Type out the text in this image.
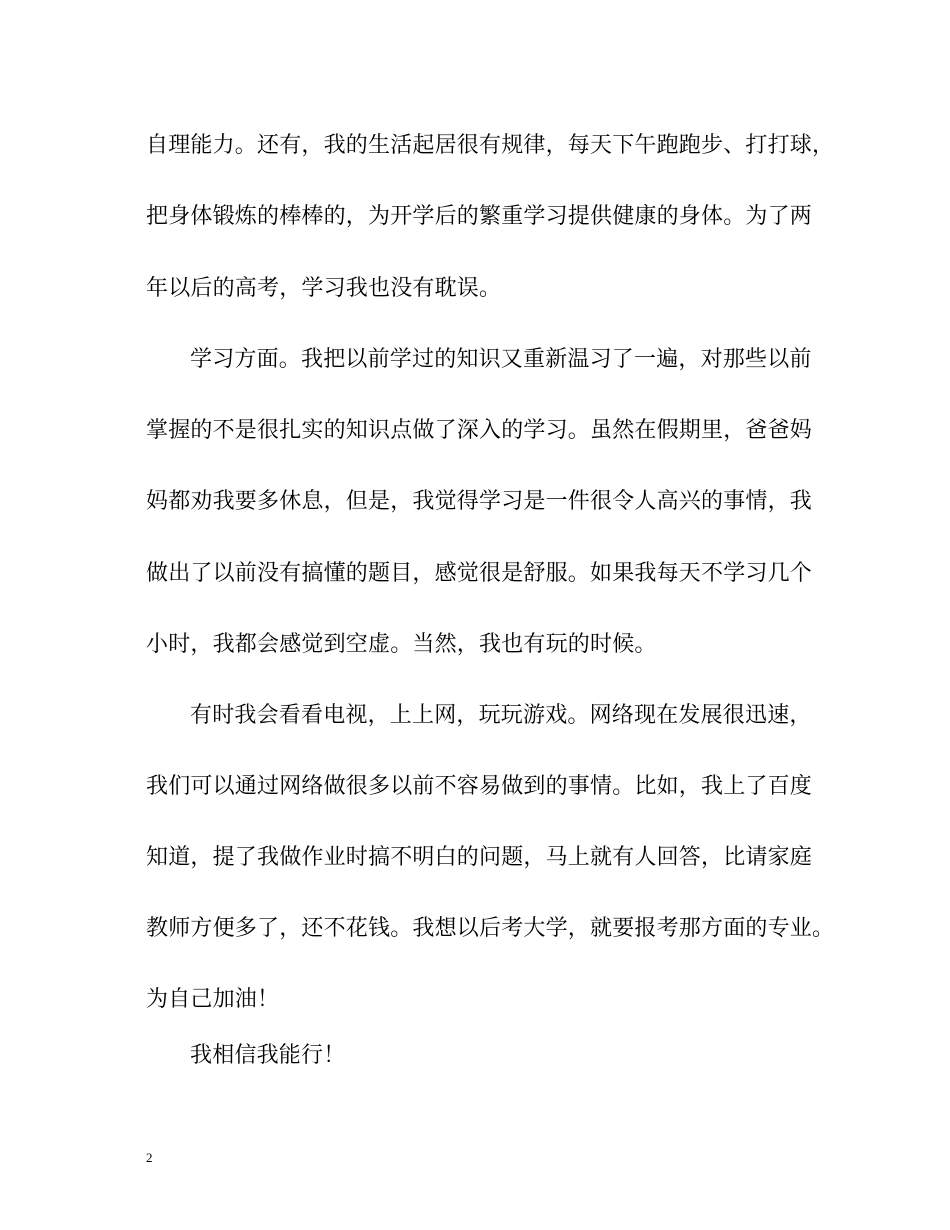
自理能力。还有，我的生活起居很有规律，每天下午跑跑步、打打球，
把身体锻炼的棒棒的，为开学后的繁重学习提供健康的身体。为了两
年以后的高考，学习我也没有耽误。
学习方面。我把以前学过的知识又重新温习了一遍，对那些以前
掌握的不是很扎实的知识点做了深入的学习。虽然在假期里，爸爸妈
妈都劝我要多休息，但是，我觉得学习是一件很令人高兴的事情，我
做出了以前没有搞懂的题目，感觉很是舒服。如果我每天不学习几个
小时，我都会感觉到空虚。当然，我也有玩的时候。
有时我会看看电视，上上网，玩玩游戏。网络现在发展很迅速，
我们可以通过网络做很多以前不容易做到的事情。比如，我上了百度
知道，提了我做作业时搞不明白的问题，马上就有人回答，比请家庭
教师方便多了，还不花钱。我想以后考大学，就要报考那方面的专业。
为自己加油！
我相信我能行！
2
